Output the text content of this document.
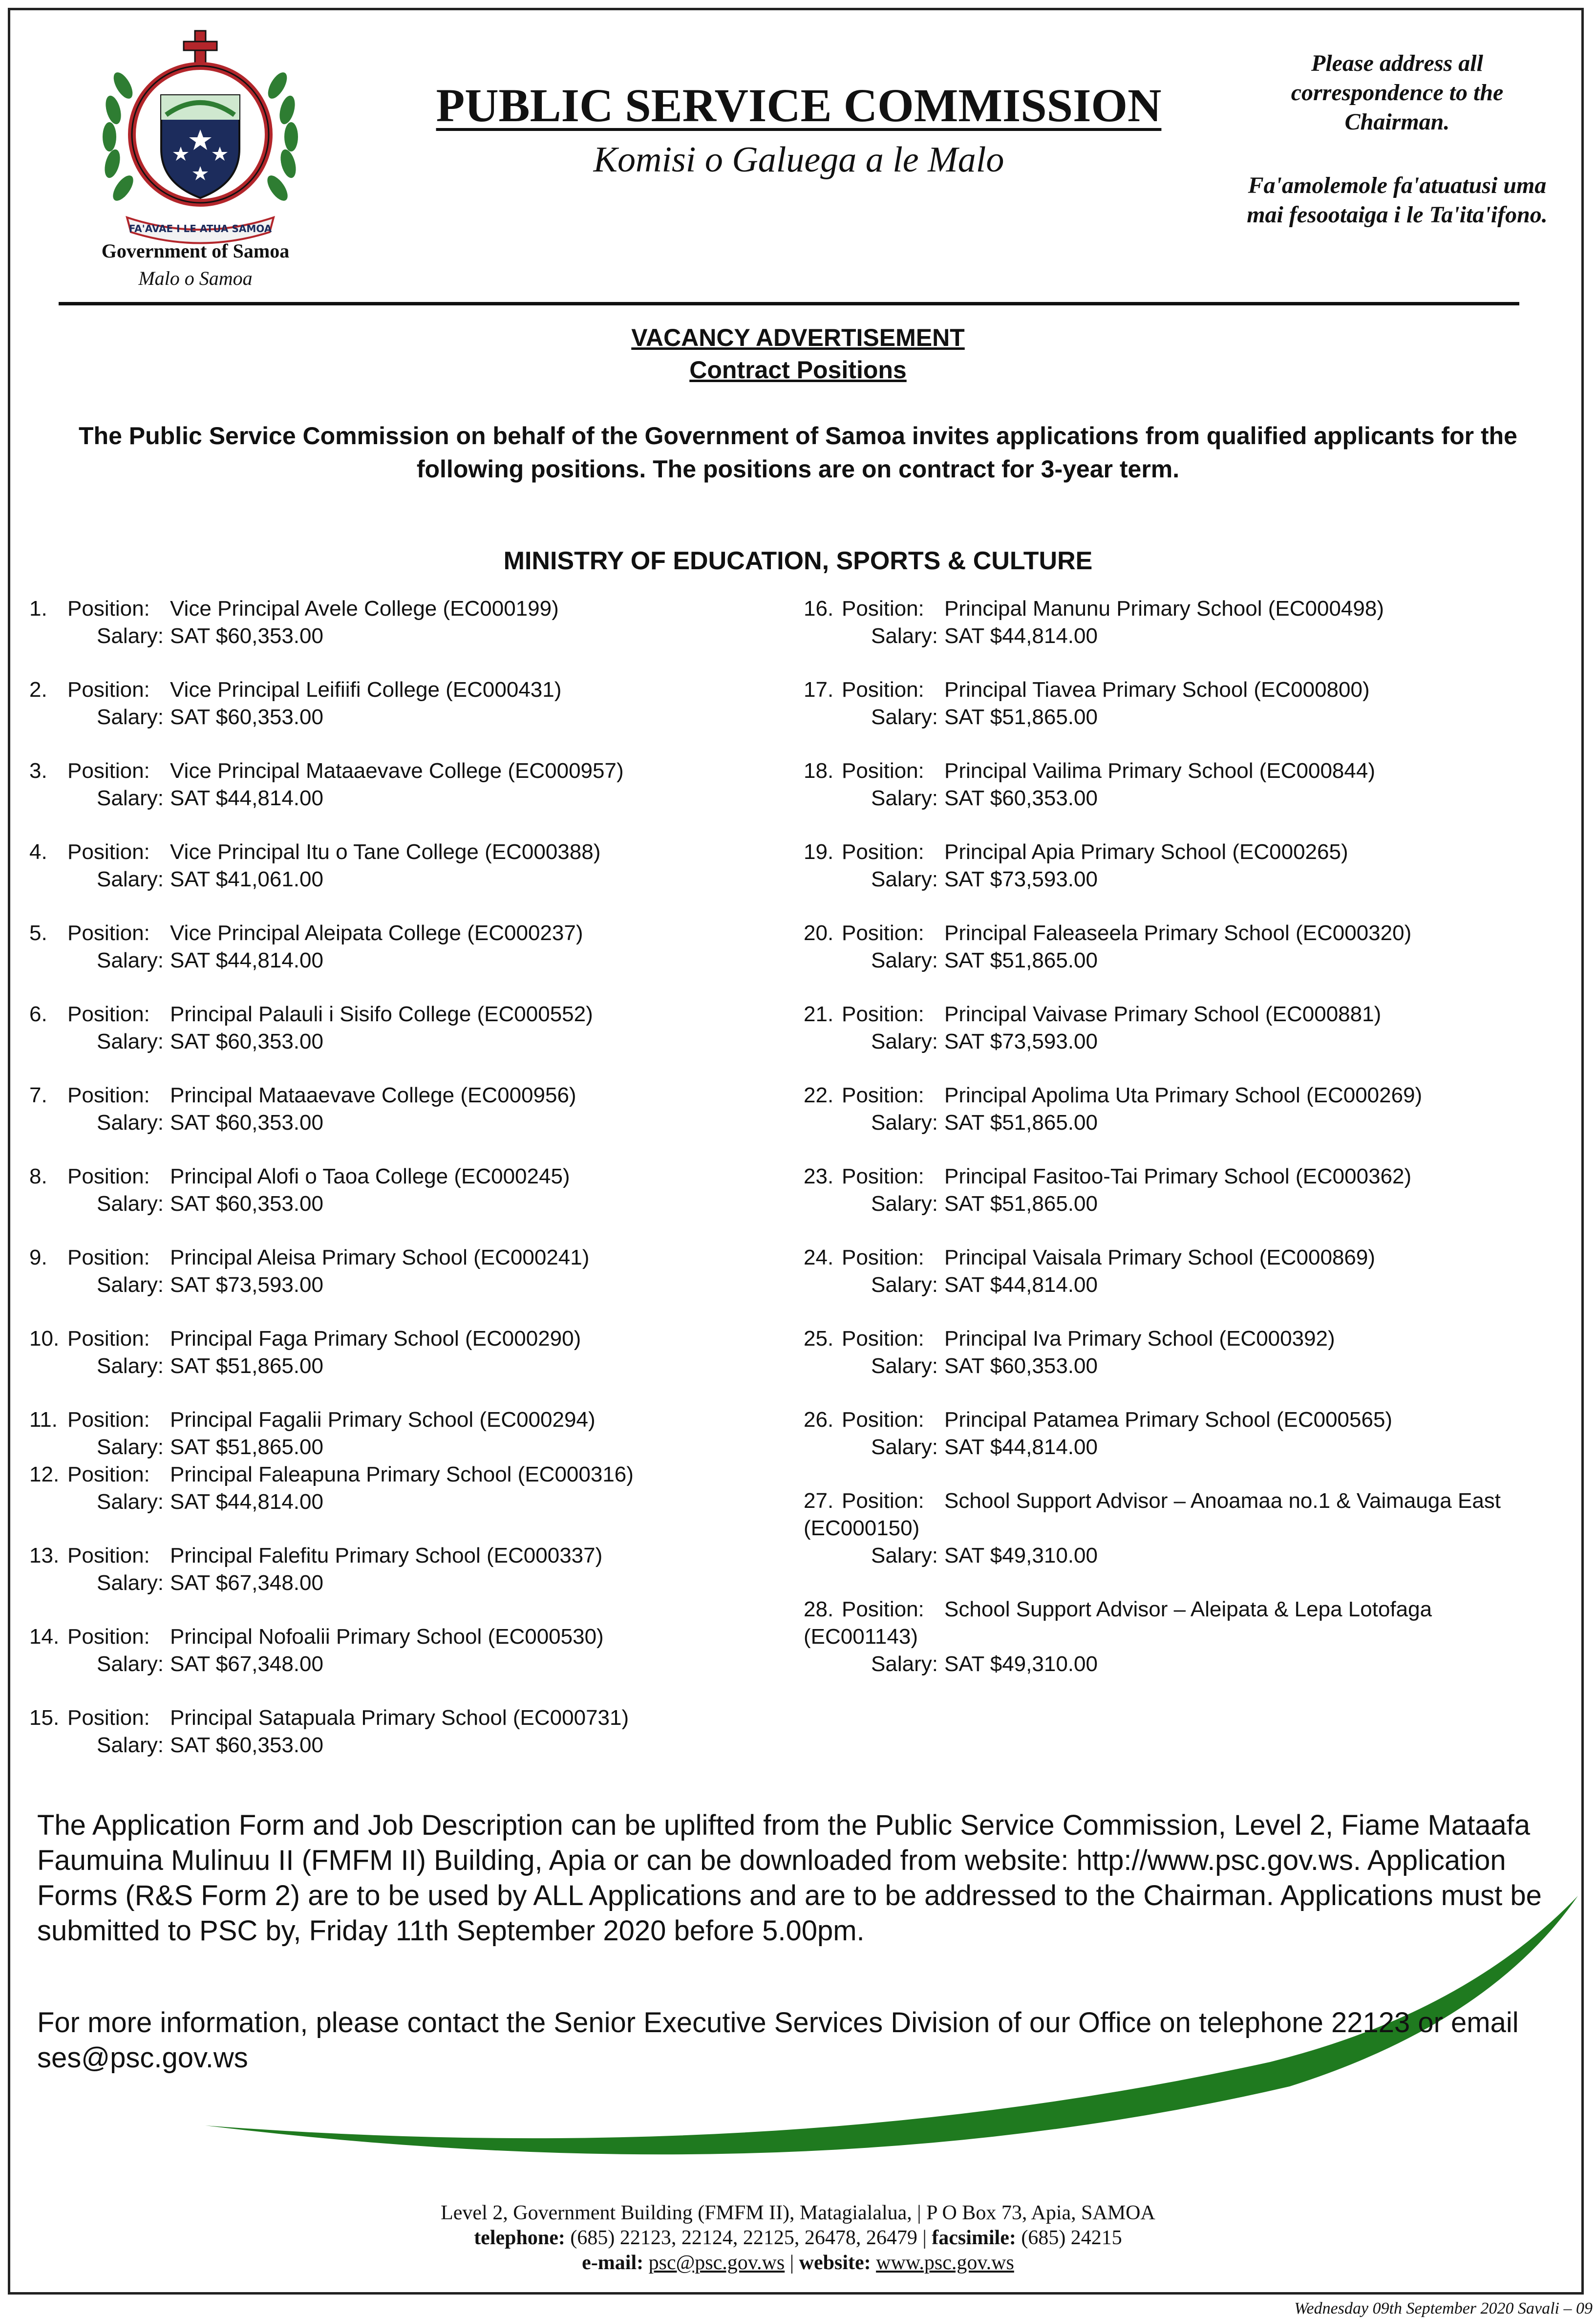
FA'AVAE I LE ATUA SAMOA
Government of Samoa
Malo o Samoa
PUBLIC SERVICE COMMISSION
Komisi o Galuega a le Malo
Please address all correspondence to the Chairman.
Fa'amolemole fa'atuatusi uma mai fesootaiga i le Ta'ita'ifono.
VACANCY ADVERTISEMENT
Contract Positions
The Public Service Commission on behalf of the Government of Samoa invites applications from qualified applicants for the following positions. The positions are on contract for 3-year term.
MINISTRY OF EDUCATION, SPORTS & CULTURE
1. Position: Vice Principal Avele College (EC000199)
Salary: SAT $60,353.00
2. Position: Vice Principal Leifiifi College (EC000431)
Salary: SAT $60,353.00
3. Position: Vice Principal Mataaevave College (EC000957)
Salary: SAT $44,814.00
4. Position: Vice Principal Itu o Tane College (EC000388)
Salary: SAT $41,061.00
5. Position: Vice Principal Aleipata College (EC000237)
Salary: SAT $44,814.00
6. Position: Principal Palauli i Sisifo College (EC000552)
Salary: SAT $60,353.00
7. Position: Principal Mataaevave College (EC000956)
Salary: SAT $60,353.00
8. Position: Principal Alofi o Taoa College (EC000245)
Salary: SAT $60,353.00
9. Position: Principal Aleisa Primary School (EC000241)
Salary: SAT $73,593.00
10. Position: Principal Faga Primary School (EC000290)
Salary: SAT $51,865.00
11. Position: Principal Fagalii Primary School (EC000294)
Salary: SAT $51,865.00
12. Position: Principal Faleapuna Primary School (EC000316)
Salary: SAT $44,814.00
13. Position: Principal Falefitu Primary School (EC000337)
Salary: SAT $67,348.00
14. Position: Principal Nofoalii Primary School (EC000530)
Salary: SAT $67,348.00
15. Position: Principal Satapuala Primary School (EC000731)
Salary: SAT $60,353.00
16. Position: Principal Manunu Primary School (EC000498)
Salary: SAT $44,814.00
17. Position: Principal Tiavea Primary School (EC000800)
Salary: SAT $51,865.00
18. Position: Principal Vailima Primary School (EC000844)
Salary: SAT $60,353.00
19. Position: Principal Apia Primary School (EC000265)
Salary: SAT $73,593.00
20. Position: Principal Faleaseela Primary School (EC000320)
Salary: SAT $51,865.00
21. Position: Principal Vaivase Primary School (EC000881)
Salary: SAT $73,593.00
22. Position: Principal Apolima Uta Primary School (EC000269)
Salary: SAT $51,865.00
23. Position: Principal Fasitoo-Tai Primary School (EC000362)
Salary: SAT $51,865.00
24. Position: Principal Vaisala Primary School (EC000869)
Salary: SAT $44,814.00
25. Position: Principal Iva Primary School (EC000392)
Salary: SAT $60,353.00
26. Position: Principal Patamea Primary School (EC000565)
Salary: SAT $44,814.00
27. Position: School Support Advisor – Anoamaa no.1 & Vaimauga East
(EC000150)
Salary: SAT $49,310.00
28. Position: School Support Advisor – Aleipata & Lepa Lotofaga
(EC001143)
Salary: SAT $49,310.00
The Application Form and Job Description can be uplifted from the Public Service Commission, Level 2, Fiame Mataafa Faumuina Mulinuu II (FMFM II) Building, Apia or can be downloaded from website: http://www.psc.gov.ws. Application Forms (R&S Form 2) are to be used by ALL Applications and are to be addressed to the Chairman. Applications must be submitted to PSC by, Friday 11th September 2020 before 5.00pm.
For more information, please contact the Senior Executive Services Division of our Office on telephone 22123 or email ses@psc.gov.ws
Level 2, Government Building (FMFM II), Matagialalua, | P O Box 73, Apia, SAMOA
telephone: (685) 22123, 22124, 22125, 26478, 26479 | facsimile: (685) 24215
e-mail: psc@psc.gov.ws | website: www.psc.gov.ws
Wednesday 09th September 2020 Savali – 09
